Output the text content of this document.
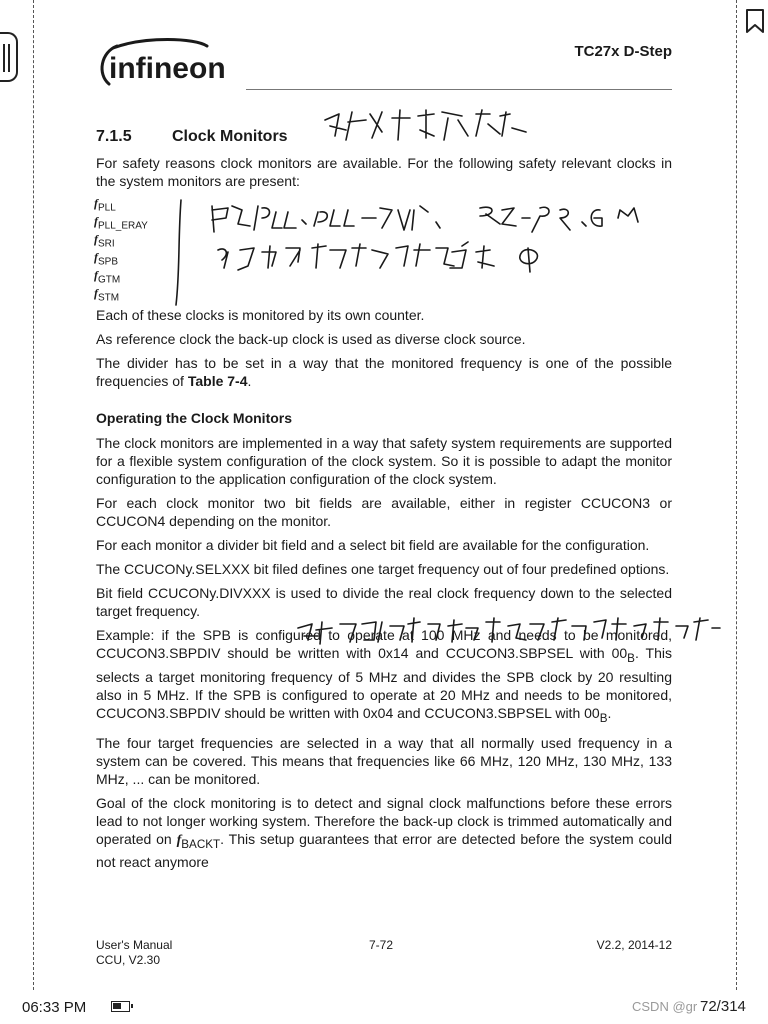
infineon
TC27x D-Step
7.1.5	Clock Monitors

For safety reasons clock monitors are available. For the following safety relevant clocks in the system monitors are present:

$f_{PLL}$
$f_{PLL\_ERAY}$
$f_{SRI}$
$f_{SPB}$
$f_{GTM}$
$f_{STM}$

Each of these clocks is monitored by its own counter.

As reference clock the back-up clock is used as diverse clock source.

The divider has to be set in a way that the monitored frequency is one of the possible frequencies of Table 7-4.

Operating the Clock Monitors

The clock monitors are implemented in a way that safety system requirements are supported for a flexible system configuration of the clock system. So it is possible to adapt the monitor configuration to the application configuration of the clock system.

For each clock monitor two bit fields are available, either in register CCUCON3 or CCUCON4 depending on the monitor.

For each monitor a divider bit field and a select bit field are available for the configuration.

The CCUCONy.SELXXX bit filed defines one target frequency out of four predefined options.

Bit field CCUCONy.DIVXXX is used to divide the real clock frequency down to the selected target frequency.

Example: if the SPB is configured to operate at 100 MHz and needs to be monitored, CCUCON3.SBPDIV should be written with 0x14 and CCUCON3.SBPSEL with $00_B$. This selects a target monitoring frequency of 5 MHz and divides the SPB clock by 20 resulting also in 5 MHz. If the SPB is configured to operate at 20 MHz and needs to be monitored, CCUCON3.SBPDIV should be written with 0x04 and CCUCON3.SBPSEL with $00_B$.

The four target frequencies are selected in a way that all normally used frequency in a system can be covered. This means that frequencies like 66 MHz, 120 MHz, 130 MHz, 133 MHz, ... can be monitored.

Goal of the clock monitoring is to detect and signal clock malfunctions before these errors lead to not longer working system. Therefore the back-up clock is trimmed automatically and operated on $f_{BACKT}$. This setup guarantees that error are detected before the system could not react anymore

User's Manual
CCU, V2.30
7-72	V2.2, 2014-12
06:33 PM	CSDN @gr 72/314
